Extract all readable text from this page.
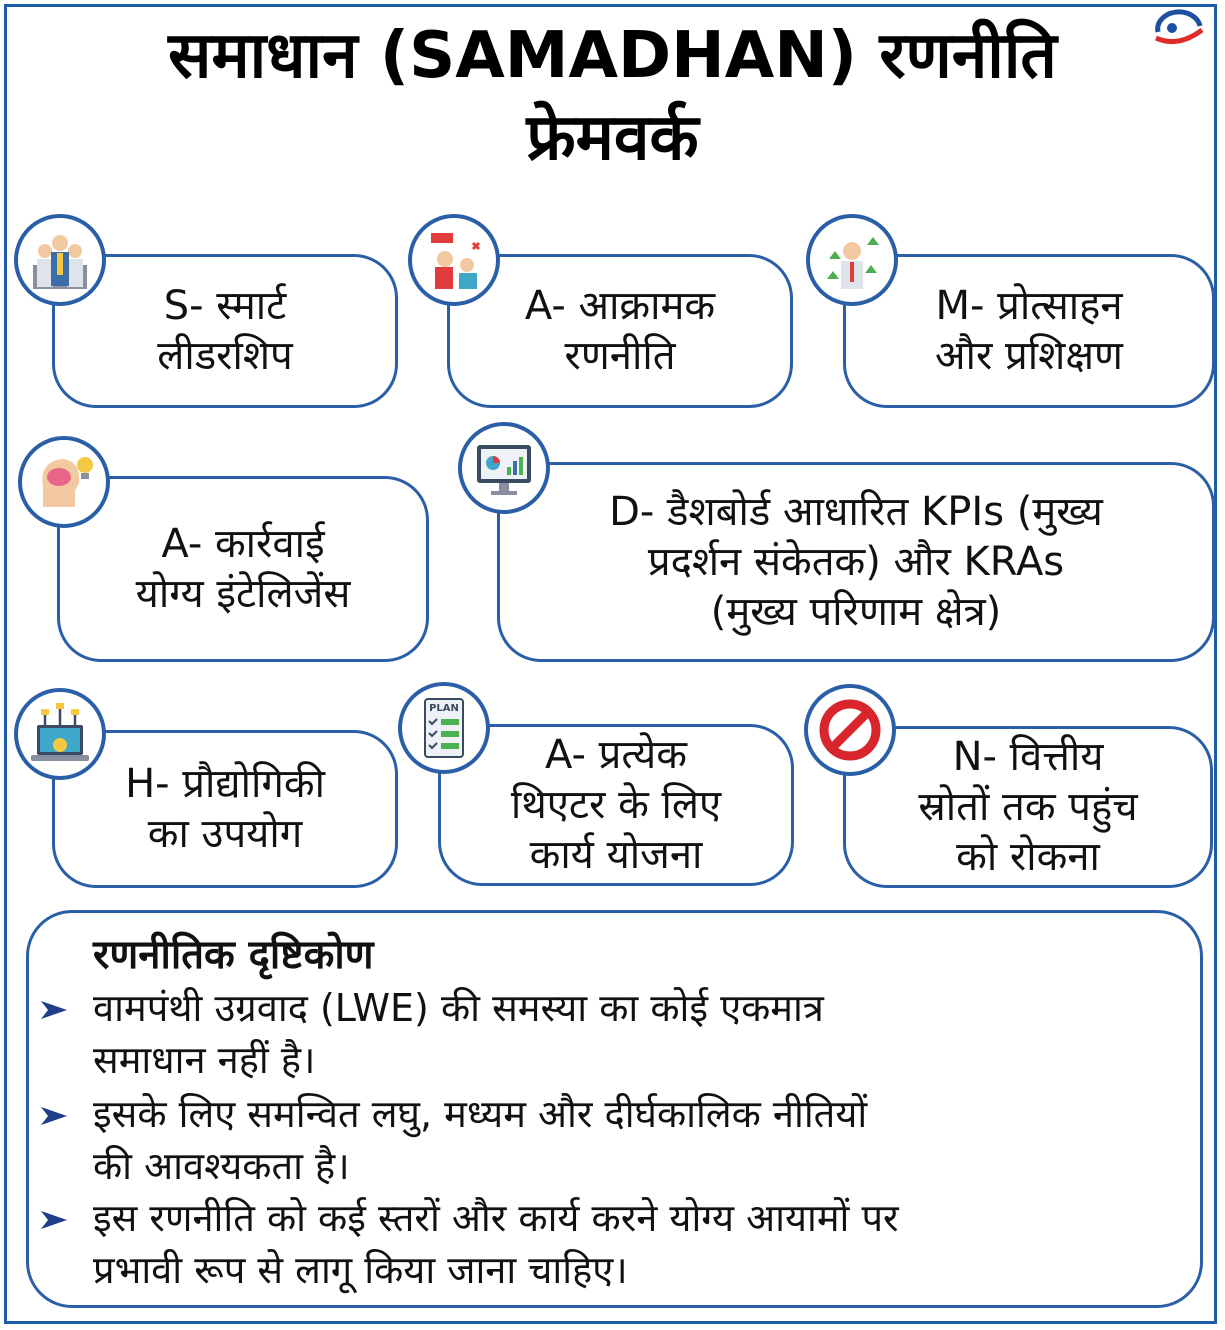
समाधान (SAMADHAN) रणनीति
फ्रेमवर्क
S- स्मार्ट
लीडरशिप
A- आक्रामक
रणनीति
M- प्रोत्साहन
और प्रशिक्षण
A- कार्रवाई
योग्य इंटेलिजेंस
D- डैशबोर्ड आधारित KPIs (मुख्य
प्रदर्शन संकेतक) और KRAs
(मुख्य परिणाम क्षेत्र)
H- प्रौद्योगिकी
का उपयोग
A- प्रत्येक
थिएटर के लिए
कार्य योजना
PLAN
N- वित्तीय
स्रोतों तक पहुंच
को रोकना
रणनीतिक दृष्टिकोण
वामपंथी उग्रवाद (LWE) की समस्या का कोई एकमात्र
समाधान नहीं है।
इसके लिए समन्वित लघु, मध्यम और दीर्घकालिक नीतियों
की आवश्यकता है।
इस रणनीति को कई स्तरों और कार्य करने योग्य आयामों पर
प्रभावी रूप से लागू किया जाना चाहिए।
